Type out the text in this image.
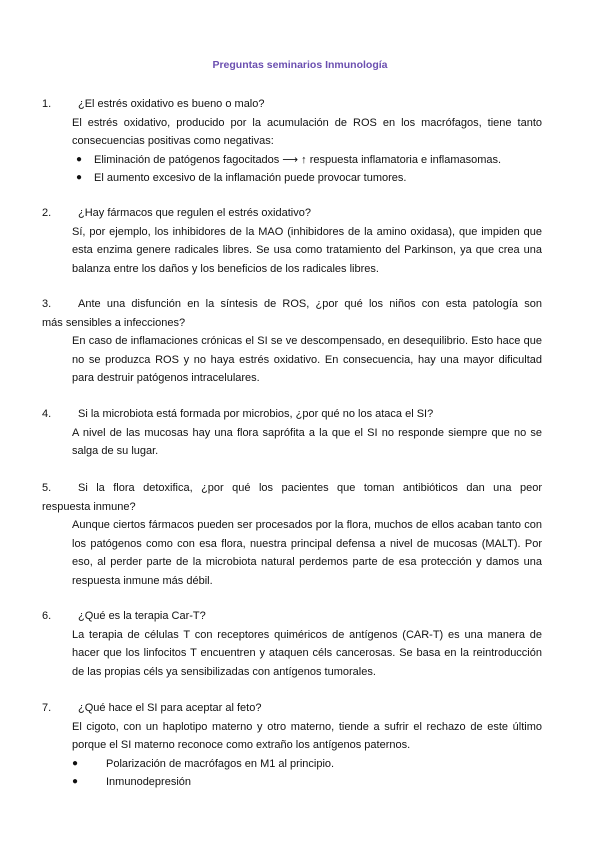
Preguntas seminarios Inmunología
1.	¿El estrés oxidativo es bueno o malo?
El estrés oxidativo, producido por la acumulación de ROS en los macrófagos, tiene tanto consecuencias positivas como negativas:
●	Eliminación de patógenos fagocitados ⟶ ↑ respuesta inflamatoria e inflamasomas.
●	El aumento excesivo de la inflamación puede provocar tumores.
2.	¿Hay fármacos que regulen el estrés oxidativo?
Sí, por ejemplo, los inhibidores de la MAO (inhibidores de la amino oxidasa), que impiden que esta enzima genere radicales libres. Se usa como tratamiento del Parkinson, ya que crea una balanza entre los daños y los beneficios de los radicales libres.
3.	Ante una disfunción en la síntesis de ROS, ¿por qué los niños con esta patología son
más sensibles a infecciones?
En caso de inflamaciones crónicas el SI se ve descompensado, en desequilibrio. Esto hace que no se produzca ROS y no haya estrés oxidativo. En consecuencia, hay una mayor dificultad para destruir patógenos intracelulares.
4.	Si la microbiota está formada por microbios, ¿por qué no los ataca el SI?
A nivel de las mucosas hay una flora saprófita a la que el SI no responde siempre que no se salga de su lugar.
5.	Si la flora detoxifica, ¿por qué los pacientes que toman antibióticos dan una peor
respuesta inmune?
Aunque ciertos fármacos pueden ser procesados por la flora, muchos de ellos acaban tanto con los patógenos como con esa flora, nuestra principal defensa a nivel de mucosas (MALT). Por eso, al perder parte de la microbiota natural perdemos parte de esa protección y damos una respuesta inmune más débil.
6.	¿Qué es la terapia Car-T?
La terapia de células T con receptores quiméricos de antígenos (CAR-T) es una manera de hacer que los linfocitos T encuentren y ataquen céls cancerosas. Se basa en la reintroducción de las propias céls ya sensibilizadas con antígenos tumorales.
7.	¿Qué hace el SI para aceptar al feto?
El cigoto, con un haplotipo materno y otro materno, tiende a sufrir el rechazo de este último porque el SI materno reconoce como extraño los antígenos paternos.
●	Polarización de macrófagos en M1 al principio.
●	Inmunodepresión
